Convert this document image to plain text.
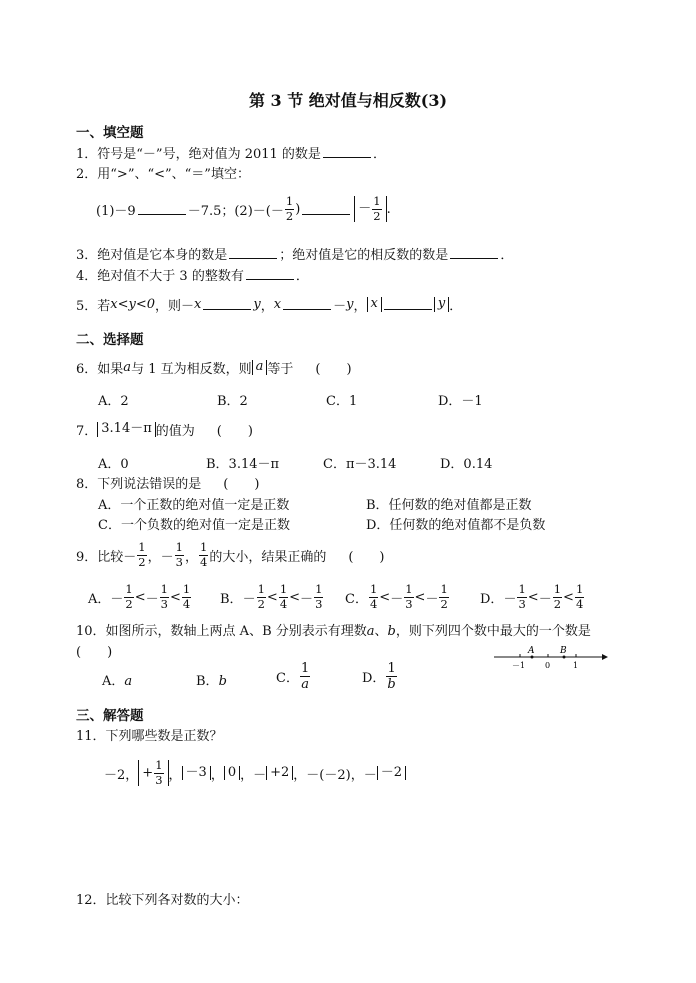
第 3 节 绝对值与相反数(3)
一、填空题
1．符号是“－”号，绝对值为 2011 的数是	．
2．用“>”、“<”、“＝”填空：
(1)－9	－7.5；$(2)-(- \frac{1}{2}$ )	－ $\frac{1}{2}$ .
3．绝对值是它本身的数是	；绝对值是它的相反数的数是	．
4．绝对值不大于 3 的整数有	．
5． 若 x<y<0 ，则－ x	y ， x	－ y ， x	y ．
二、选择题
6． 如果 a 与 1 互为相反数，则 a 等于 (　　)
A．2	B．2	C．1	D．－1
7． 3.14－π 的值为 (　　)
A．0	B．3.14－π	C．π－3.14	D．0.14
8．下列说法错误的是 (　　)
A．一个正数的绝对值一定是正数	B．任何数的绝对值都是正数
C．一个负数的绝对值一定是正数	D．任何数的绝对值都不是负数
9． 比较－ $\frac{1}{2}$ ，－ $\frac{1}{3}$ ， $\frac{1}{4}$ 的大小，结果正确的 (　　)
A． － $\frac{1}{2}$ < － $\frac{1}{3} < \frac{1}{4}$ B． － $\frac{1}{2} < \frac{1}{4}$ < － $\frac{1}{3}$ C． $\frac{1}{4}$ < － $\frac{1}{3}$ < － $\frac{1}{2}$ D． － $\frac{1}{3}$ < － $\frac{1}{2} < \frac{1}{4}$
10．如图所示，数轴上两点 A、B 分别表示有理数a、b，则下列四个数中最大的一个数是
(　　)	A	B
－1 0	1
A．a	B．b	C． $\frac{1}{a}$	D． $\frac{1}{b}$
三、解答题
11．下列哪些数是正数？
－2， + $\frac{1}{3}$ ， －3 ， 0 ，－ +2 ，－(－2)，－ －2
12．比较下列各对数的大小：
